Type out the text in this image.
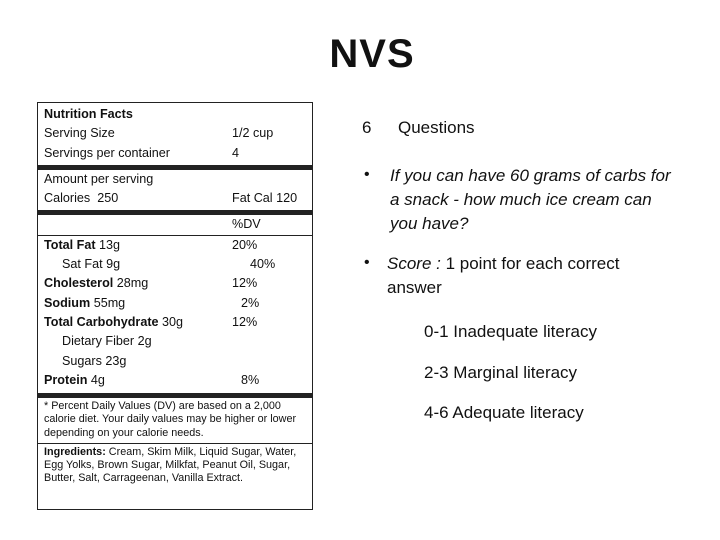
NVS
Nutrition Facts
Serving Size	1/2 cup
Servings per container	4
Amount per serving
Calories 250	Fat Cal 120
%DV
Total Fat 13g	20%
Sat Fat 9g	40%
Cholesterol 28mg	12%
Sodium 55mg	2%
Total Carbohydrate 30g	12%
Dietary Fiber 2g
Sugars 23g
Protein 4g	8%
* Percent Daily Values (DV) are based on a 2,000 calorie diet. Your daily values may be higher or lower depending on your calorie needs.
Ingredients: Cream, Skim Milk, Liquid Sugar, Water, Egg Yolks, Brown Sugar, Milkfat, Peanut Oil, Sugar, Butter, Salt, Carrageenan, Vanilla Extract.
6 Questions
• If you can have 60 grams of carbs for a snack - how much ice cream can you have?
• Score : 1 point for each correct answer
0-1 Inadequate literacy
2-3 Marginal literacy
4-6 Adequate literacy
